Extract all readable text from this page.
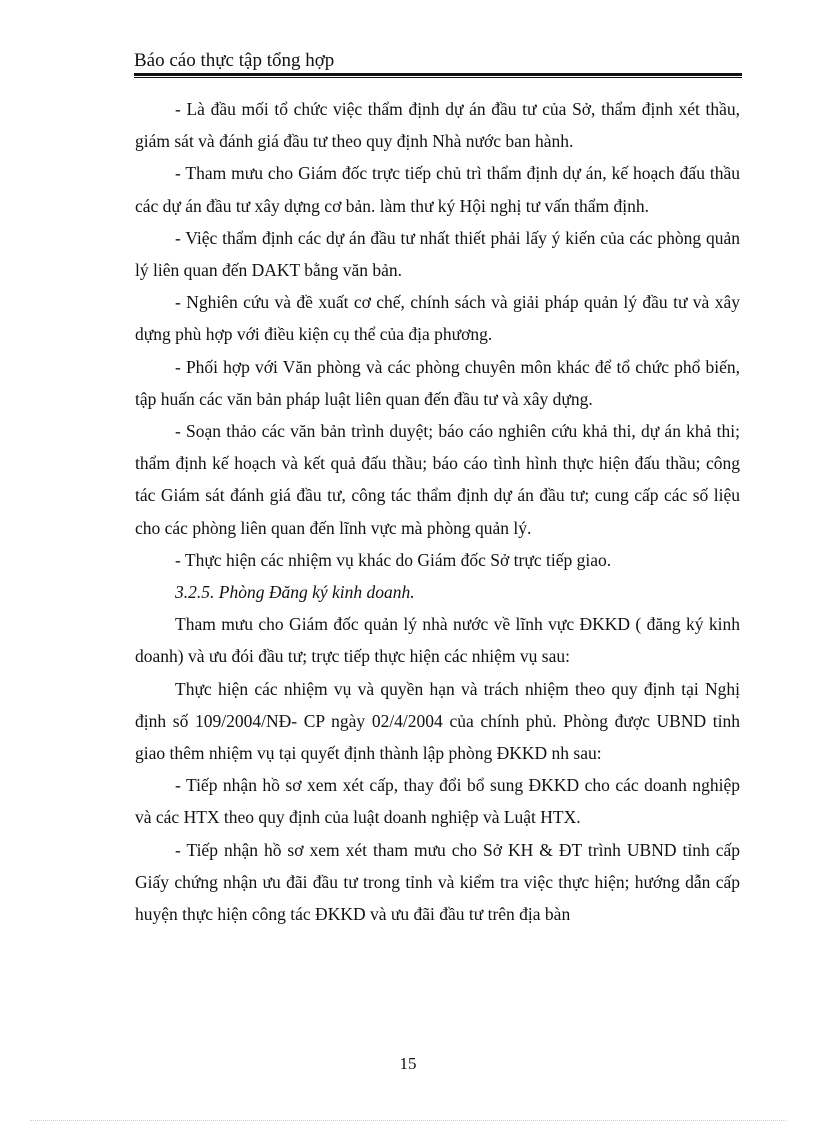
Báo cáo thực tập tổng hợp

- Là đầu mối tổ chức việc thẩm định dự án đầu tư của Sở, thẩm định xét thầu, giám sát và đánh giá đầu tư theo quy định Nhà nước ban hành.

- Tham mưu cho Giám đốc trực tiếp chủ trì thẩm định dự án, kế hoạch đấu thầu các dự án đầu tư xây dựng cơ bản. làm thư ký Hội nghị tư vấn thẩm định.

- Việc thẩm định các dự án đầu tư nhất thiết phải lấy ý kiến của các phòng quản lý liên quan đến DAKT bằng văn bản.

- Nghiên cứu và đề xuất cơ chế, chính sách và giải pháp quản lý đầu tư và xây dựng phù hợp với điều kiện cụ thể của địa phương.

- Phối hợp với Văn phòng và các phòng chuyên môn khác để tổ chức phổ biến, tập huấn các văn bản pháp luật liên quan đến đầu tư và xây dựng.

- Soạn thảo các văn bản trình duyệt; báo cáo nghiên cứu khả thi, dự án khả thi; thẩm định kế hoạch và kết quả đấu thầu; báo cáo tình hình thực hiện đấu thầu; công tác Giám sát đánh giá đầu tư, công tác thẩm định dự án đầu tư; cung cấp các số liệu cho các phòng liên quan đến lĩnh vực mà phòng quản lý.

- Thực hiện các nhiệm vụ khác do Giám đốc Sở trực tiếp giao.

3.2.5. Phòng Đăng ký kinh doanh.

Tham mưu cho Giám đốc quản lý nhà nước về lĩnh vực ĐKKD ( đăng ký kinh doanh) và ưu đói đầu tư; trực tiếp thực hiện các nhiệm vụ sau:

Thực hiện các nhiệm vụ và quyền hạn và trách nhiệm theo quy định tại Nghị định số 109/2004/NĐ- CP ngày 02/4/2004 của chính phủ. Phòng được UBND tỉnh giao thêm nhiệm vụ tại quyết định thành lập phòng ĐKKD nh sau:

- Tiếp nhận hồ sơ xem xét cấp, thay đổi bổ sung ĐKKD cho các doanh nghiệp và các HTX theo quy định của luật doanh nghiệp và Luật HTX.

- Tiếp nhận hồ sơ xem xét tham mưu cho Sở KH & ĐT trình UBND tỉnh cấp Giấy chứng nhận ưu đãi đầu tư trong tỉnh và kiểm tra việc thực hiện; hướng dẫn cấp huyện thực hiện công tác ĐKKD và ưu đãi đầu tư trên địa bàn

15
